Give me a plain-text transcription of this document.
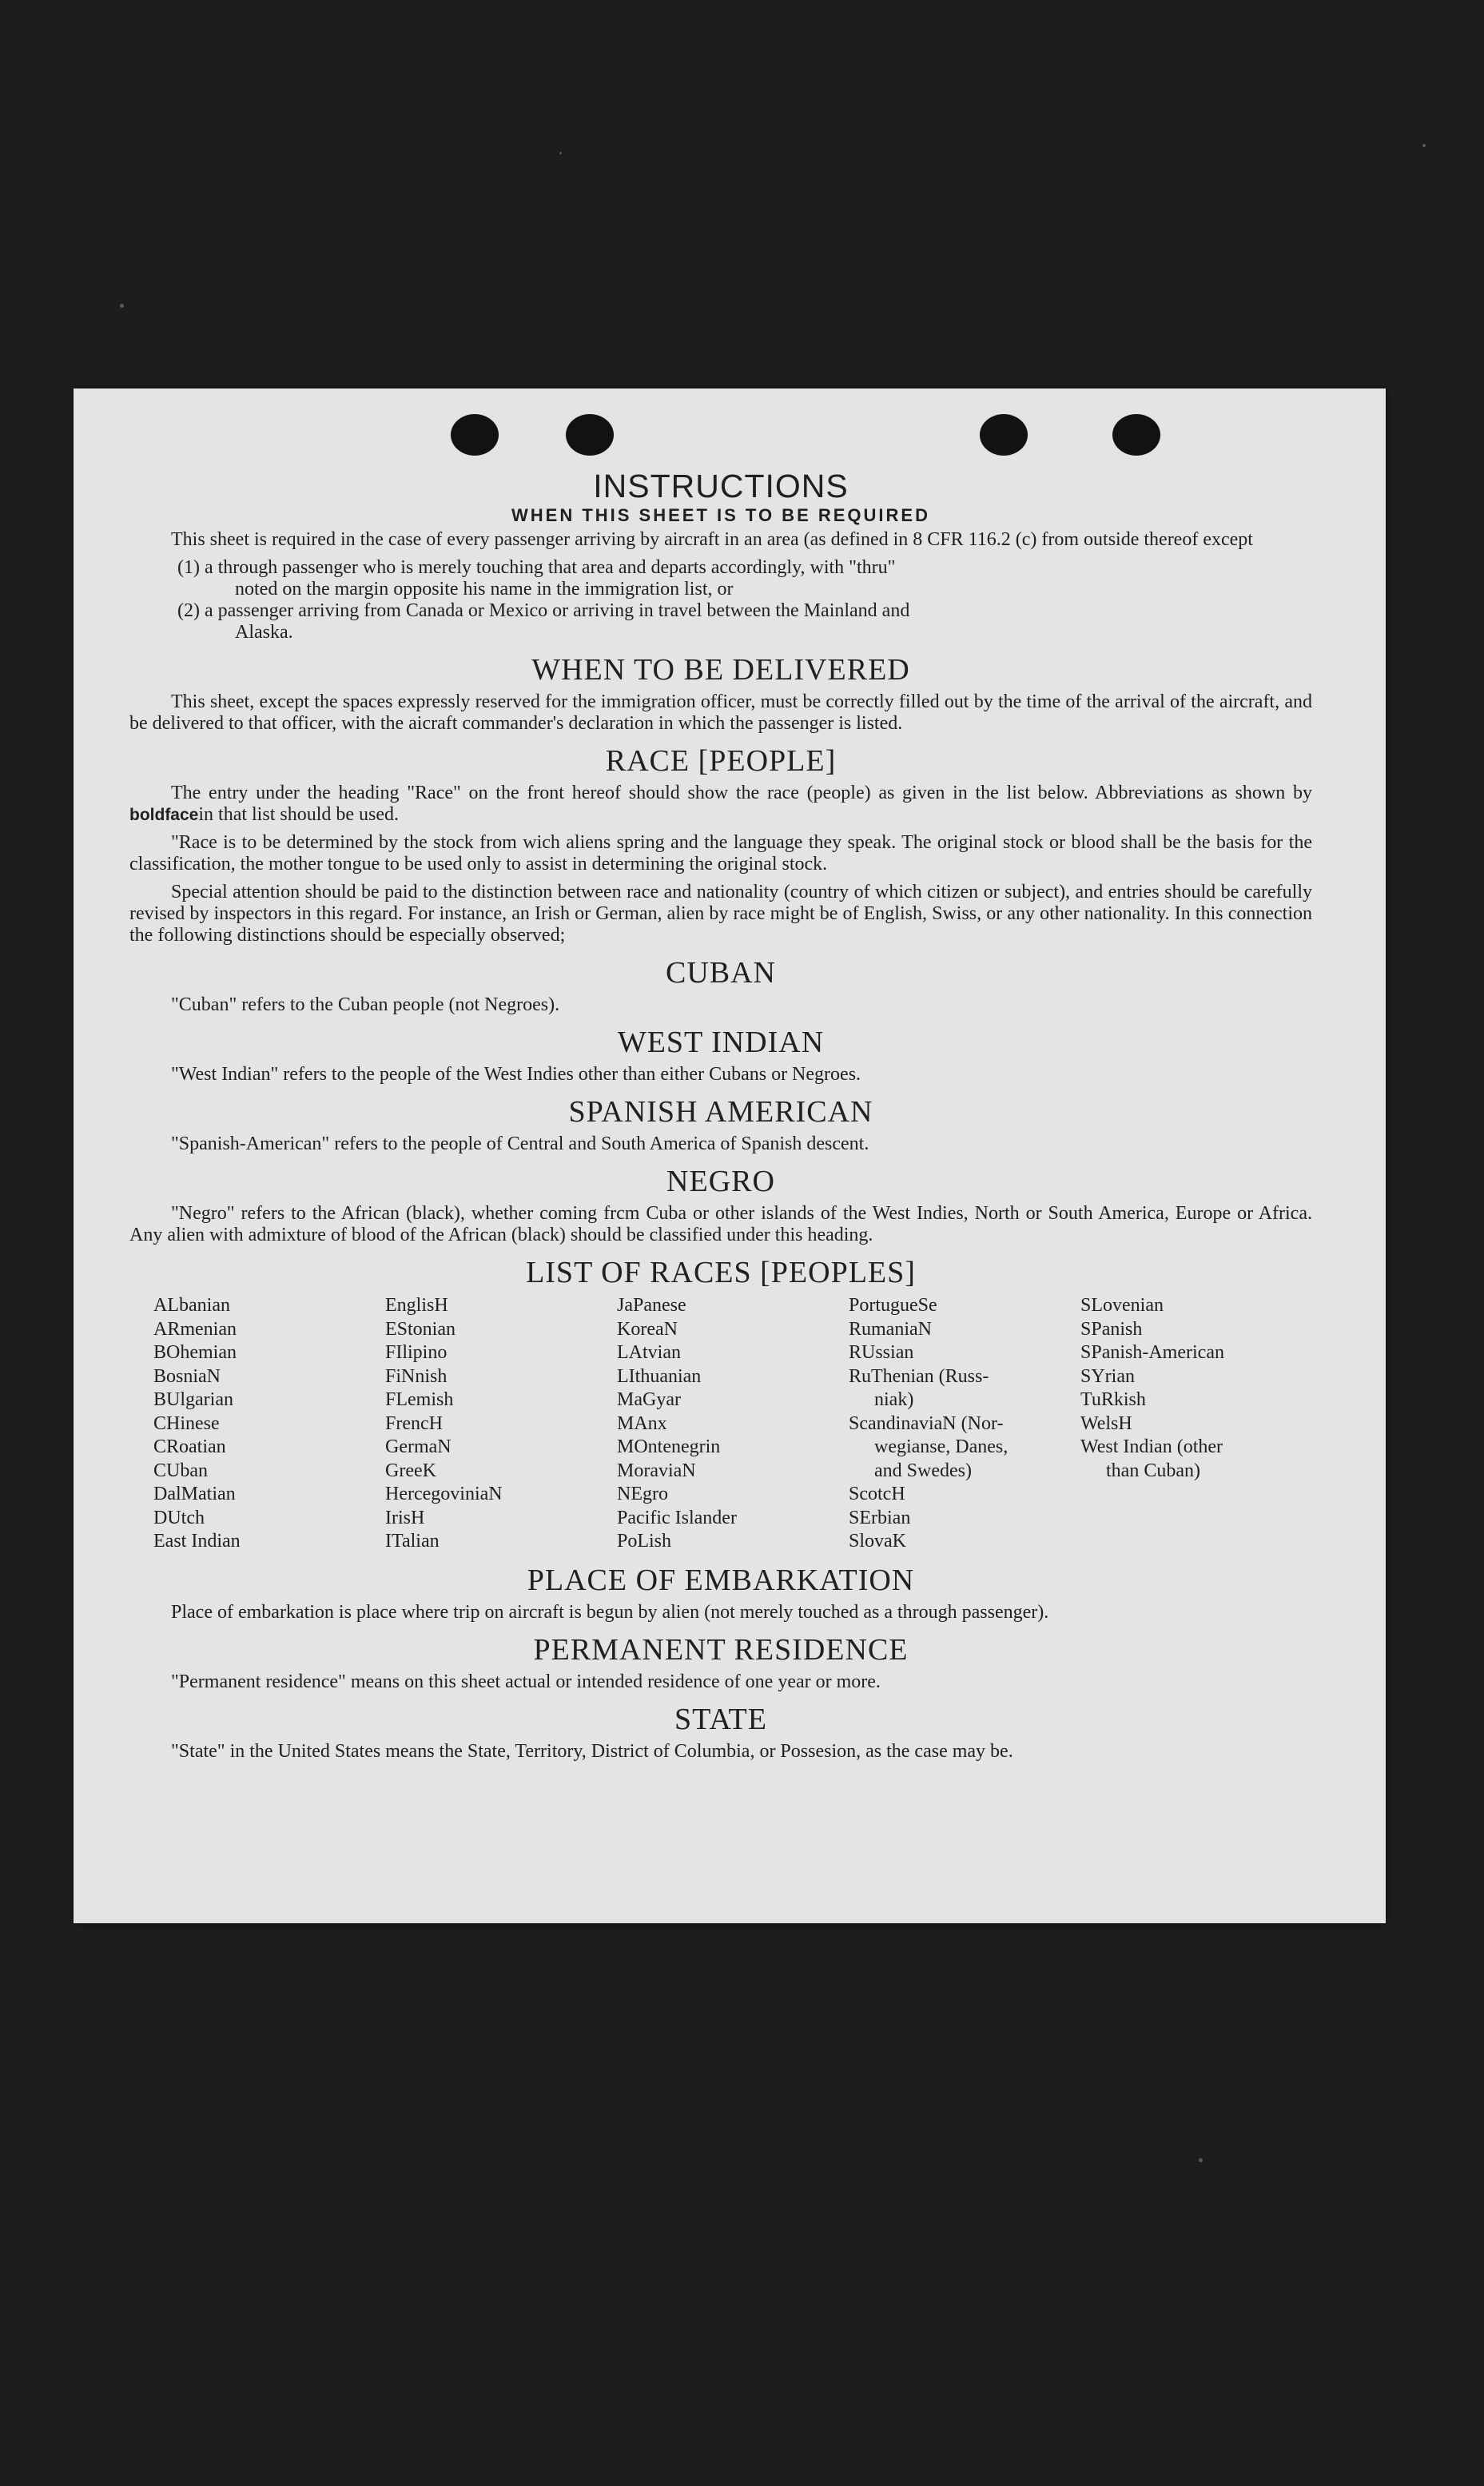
INSTRUCTIONS
WHEN THIS SHEET IS TO BE REQUIRED

This sheet is required in the case of every passenger arriving by aircraft in an area (as defined in 8 CFR 116.2 (c) from outside thereof except

(1) a through passenger who is merely touching that area and departs accordingly, with "thru"
noted on the margin opposite his name in the immigration list, or
(2) a passenger arriving from Canada or Mexico or arriving in travel between the Mainland and
Alaska.
WHEN TO BE DELIVERED

This sheet, except the spaces expressly reserved for the immigration officer, must be correctly filled out by the time of the arrival of the aircraft, and be delivered to that officer, with the aicraft commander's declaration in which the passenger is listed.

RACE [PEOPLE]

The entry under the heading "Race" on the front hereof should show the race (people) as given in the list below. Abbreviations as shown by boldfacein that list should be used.

"Race is to be determined by the stock from wich aliens spring and the language they speak. The original stock or blood shall be the basis for the classification, the mother tongue to be used only to assist in determining the original stock.

Special attention should be paid to the distinction between race and nationality (country of which citizen or subject), and entries should be carefully revised by inspectors in this regard. For instance, an Irish or German, alien by race might be of English, Swiss, or any other nationality. In this connection the following distinctions should be especially observed;

CUBAN

"Cuban" refers to the Cuban people (not Negroes).

WEST INDIAN

"West Indian" refers to the people of the West Indies other than either Cubans or Negroes.

SPANISH AMERICAN

"Spanish-American" refers to the people of Central and South America of Spanish descent.

NEGRO

"Negro" refers to the African (black), whether coming frcm Cuba or other islands of the West Indies, North or South America, Europe or Africa. Any alien with admixture of blood of the African (black) should be classified under this heading.

LIST OF RACES [PEOPLES]
ALbanian
ARmenian
BOhemian
BosniaN
BUlgarian
CHinese
CRoatian
CUban
DalMatian
DUtch
East Indian
EnglisH
EStonian
FIlipino
FiNnish
FLemish
FrencH
GermaN
GreeK
HercegoviniaN
IrisH
ITalian
JaPanese
KoreaN
LAtvian
LIthuanian
MaGyar
MAnx
MOntenegrin
MoraviaN
NEgro
Pacific Islander
PoLish
PortugueSe
RumaniaN
RUssian
RuThenian (Russ-
niak)
ScandinaviaN (Nor-
wegianse, Danes,
and Swedes)
ScotcH
SErbian
SlovaK
SLovenian
SPanish
SPanish-American
SYrian
TuRkish
WelsH
West Indian (other
than Cuban)
PLACE OF EMBARKATION

Place of embarkation is place where trip on aircraft is begun by alien (not merely touched as a through passenger).

PERMANENT RESIDENCE

"Permanent residence" means on this sheet actual or intended residence of one year or more.

STATE

"State" in the United States means the State, Territory, District of Columbia, or Possesion, as the case may be.
